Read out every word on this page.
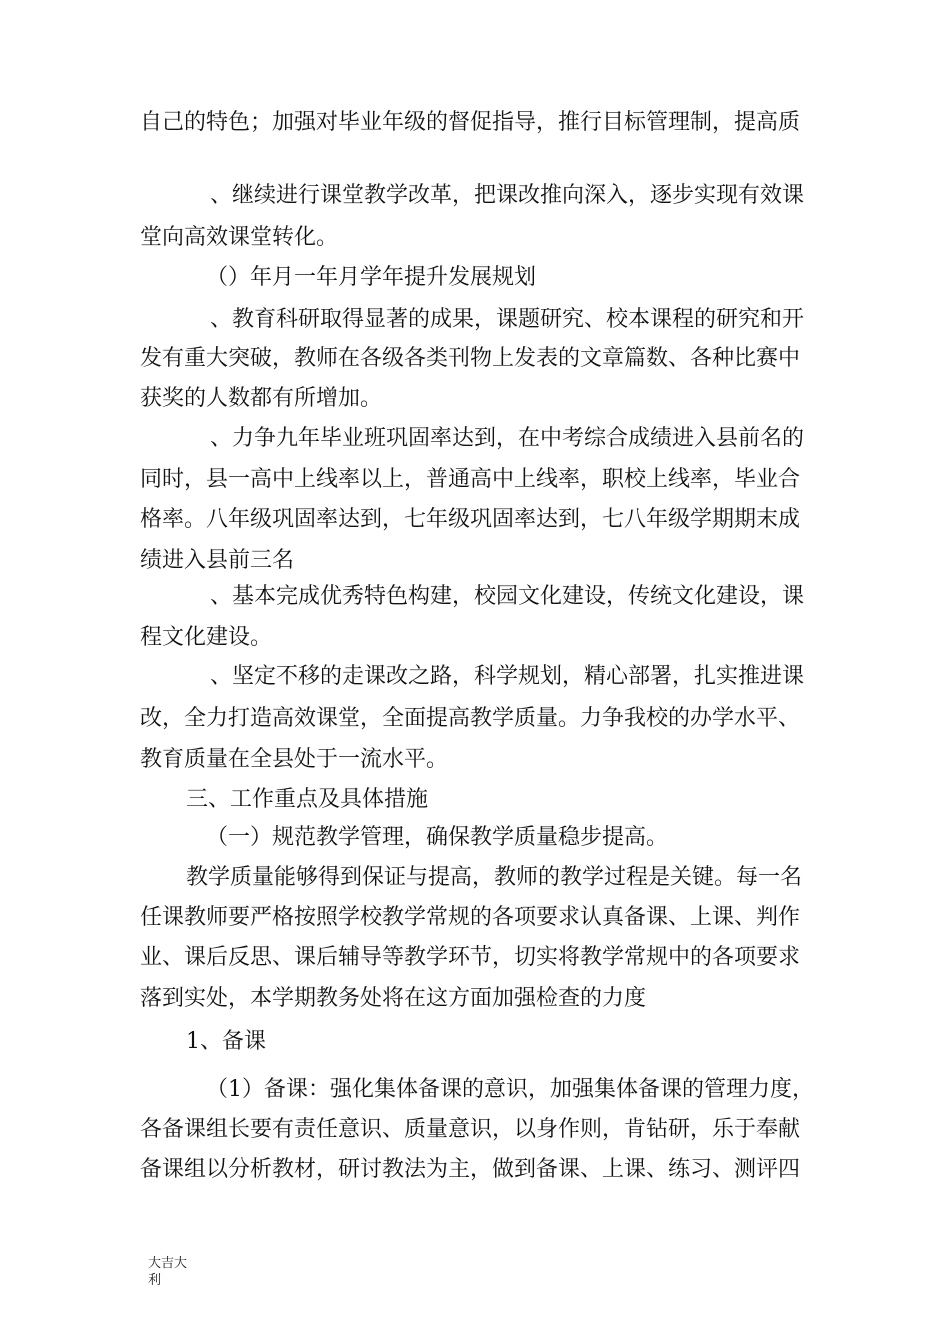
自己的特色；加强对毕业年级的督促指导，推行目标管理制，提高质
、继续进行课堂教学改革，把课改推向深入，逐步实现有效课
堂向高效课堂转化。
（）年月一年月学年提升发展规划
、教育科研取得显著的成果，课题研究、校本课程的研究和开
发有重大突破，教师在各级各类刊物上发表的文章篇数、各种比赛中
获奖的人数都有所增加。
、力争九年毕业班巩固率达到，在中考综合成绩进入县前名的
同时，县一高中上线率以上，普通高中上线率，职校上线率，毕业合
格率。八年级巩固率达到，七年级巩固率达到，七八年级学期期末成
绩进入县前三名
、基本完成优秀特色构建，校园文化建设，传统文化建设，课
程文化建设。
、坚定不移的走课改之路，科学规划，精心部署，扎实推进课
改，全力打造高效课堂，全面提高教学质量。力争我校的办学水平、
教育质量在全县处于一流水平。
三、工作重点及具体措施
（一）规范教学管理，确保教学质量稳步提高。
教学质量能够得到保证与提高，教师的教学过程是关键。每一名
任课教师要严格按照学校教学常规的各项要求认真备课、上课、判作
业、课后反思、课后辅导等教学环节，切实将教学常规中的各项要求
落到实处，本学期教务处将在这方面加强检查的力度
1、备课
（1）备课：强化集体备课的意识，加强集体备课的管理力度，
各备课组长要有责任意识、质量意识，以身作则，肯钻研，乐于奉献
备课组以分析教材，研讨教法为主，做到备课、上课、练习、测评四
大吉大
利
